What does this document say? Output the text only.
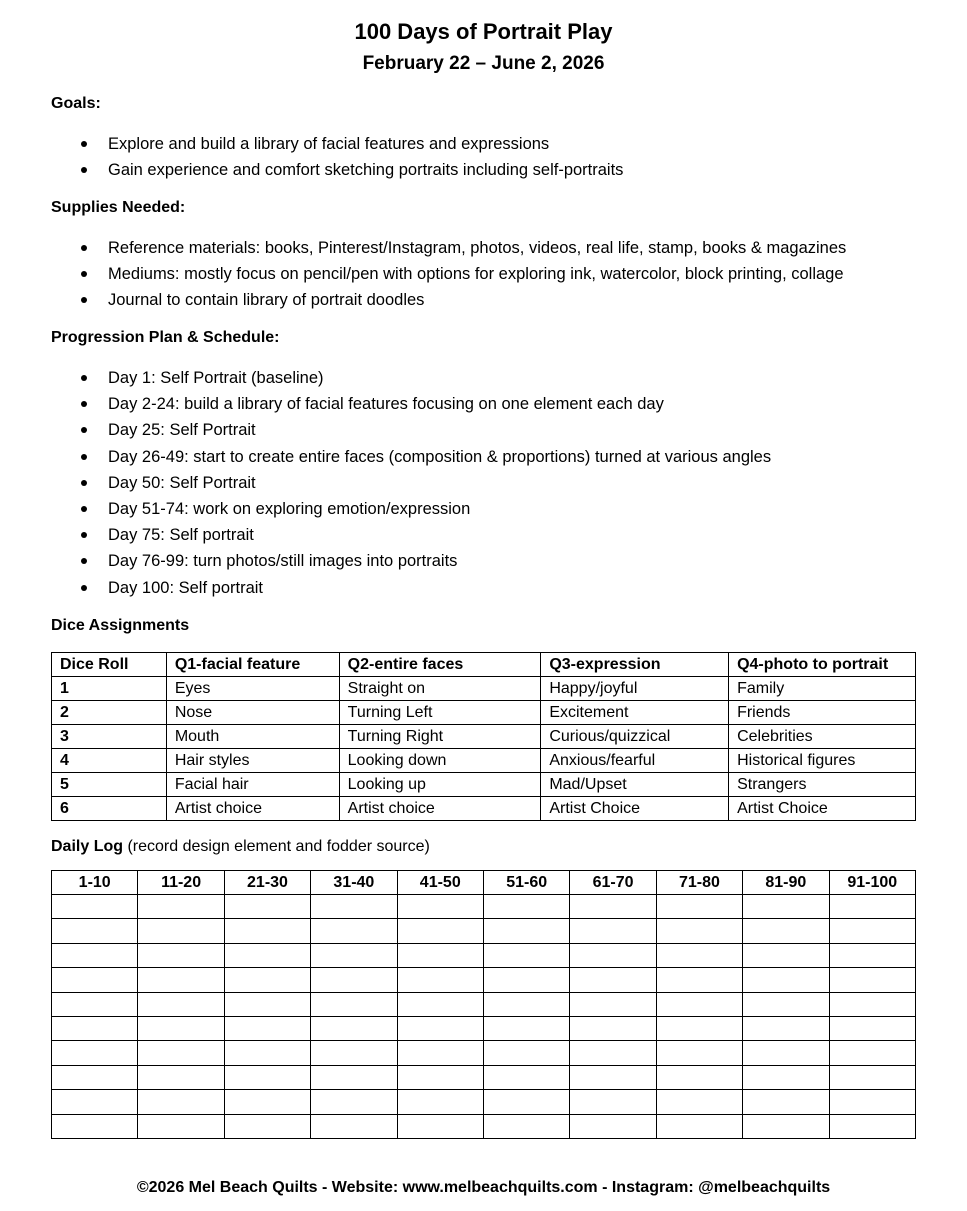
100 Days of Portrait Play
February 22 – June 2, 2026
Goals:
Explore and build a library of facial features and expressions
Gain experience and comfort sketching portraits including self-portraits
Supplies Needed:
Reference materials: books, Pinterest/Instagram, photos, videos, real life, stamp, books & magazines
Mediums: mostly focus on pencil/pen with options for exploring ink, watercolor, block printing, collage
Journal to contain library of portrait doodles
Progression Plan & Schedule:
Day 1: Self Portrait (baseline)
Day 2-24: build a library of facial features focusing on one element each day
Day 25: Self Portrait
Day 26-49: start to create entire faces (composition & proportions) turned at various angles
Day 50: Self Portrait
Day 51-74: work on exploring emotion/expression
Day 75: Self portrait
Day 76-99: turn photos/still images into portraits
Day 100: Self portrait
Dice Assignments
Dice Roll	Q1-facial feature	Q2-entire faces	Q3-expression	Q4-photo to portrait
1	Eyes	Straight on	Happy/joyful	Family
2	Nose	Turning Left	Excitement	Friends
3	Mouth	Turning Right	Curious/quizzical	Celebrities
4	Hair styles	Looking down	Anxious/fearful	Historical figures
5	Facial hair	Looking up	Mad/Upset	Strangers
6	Artist choice	Artist choice	Artist Choice	Artist Choice
Daily Log (record design element and fodder source)
1-10	11-20	21-30	31-40	41-50	51-60	61-70	71-80	81-90	91-100

©2026 Mel Beach Quilts - Website: www.melbeachquilts.com - Instagram: @melbeachquilts
